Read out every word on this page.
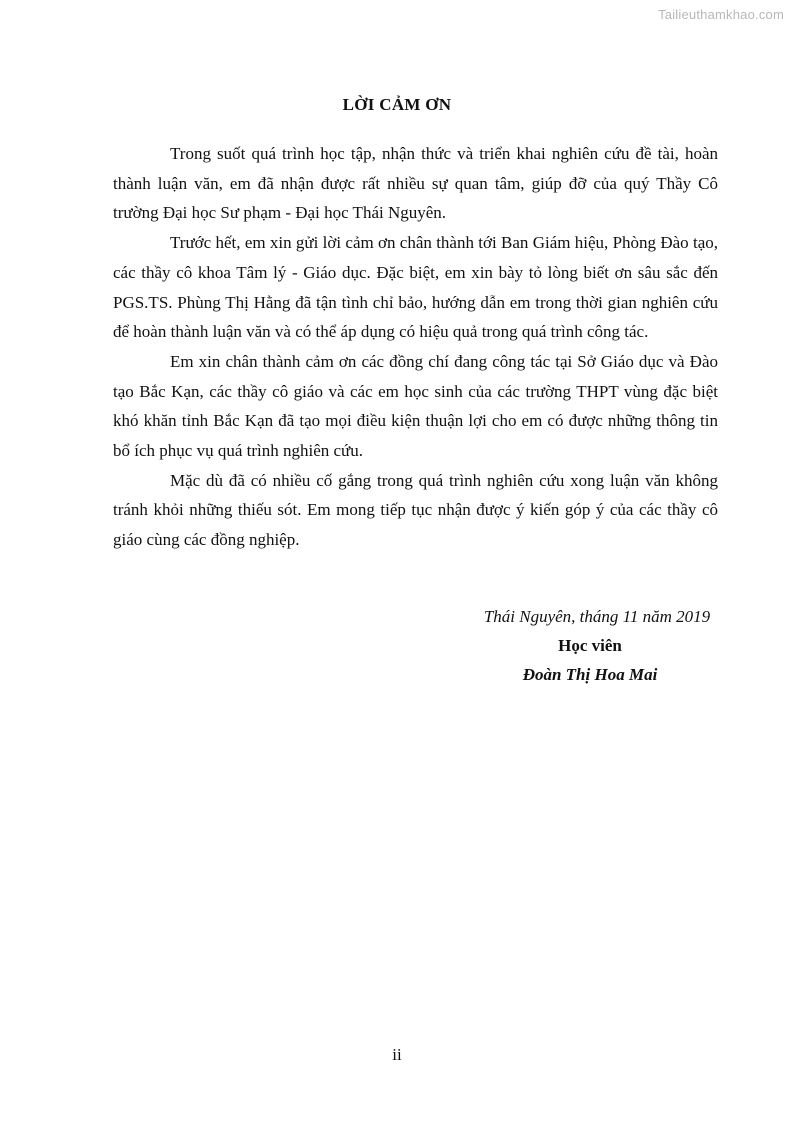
Tailieuthamkhao.com
LỜI CẢM ƠN

Trong suốt quá trình học tập, nhận thức và triển khai nghiên cứu đề tài, hoàn thành luận văn, em đã nhận được rất nhiều sự quan tâm, giúp đỡ của quý Thầy Cô trường Đại học Sư phạm - Đại học Thái Nguyên.

Trước hết, em xin gửi lời cảm ơn chân thành tới Ban Giám hiệu, Phòng Đào tạo, các thầy cô khoa Tâm lý - Giáo dục. Đặc biệt, em xin bày tỏ lòng biết ơn sâu sắc đến PGS.TS. Phùng Thị Hằng đã tận tình chỉ bảo, hướng dẫn em trong thời gian nghiên cứu để hoàn thành luận văn và có thể áp dụng có hiệu quả trong quá trình công tác.

Em xin chân thành cảm ơn các đồng chí đang công tác tại Sở Giáo dục và Đào tạo Bắc Kạn, các thầy cô giáo và các em học sinh của các trường THPT vùng đặc biệt khó khăn tỉnh Bắc Kạn đã tạo mọi điều kiện thuận lợi cho em có được những thông tin bổ ích phục vụ quá trình nghiên cứu.

Mặc dù đã có nhiều cố gắng trong quá trình nghiên cứu xong luận văn không tránh khỏi những thiếu sót. Em mong tiếp tục nhận được ý kiến góp ý của các thầy cô giáo cùng các đồng nghiệp.

Thái Nguyên, tháng 11 năm 2019
Học viên
Đoàn Thị Hoa Mai
ii
